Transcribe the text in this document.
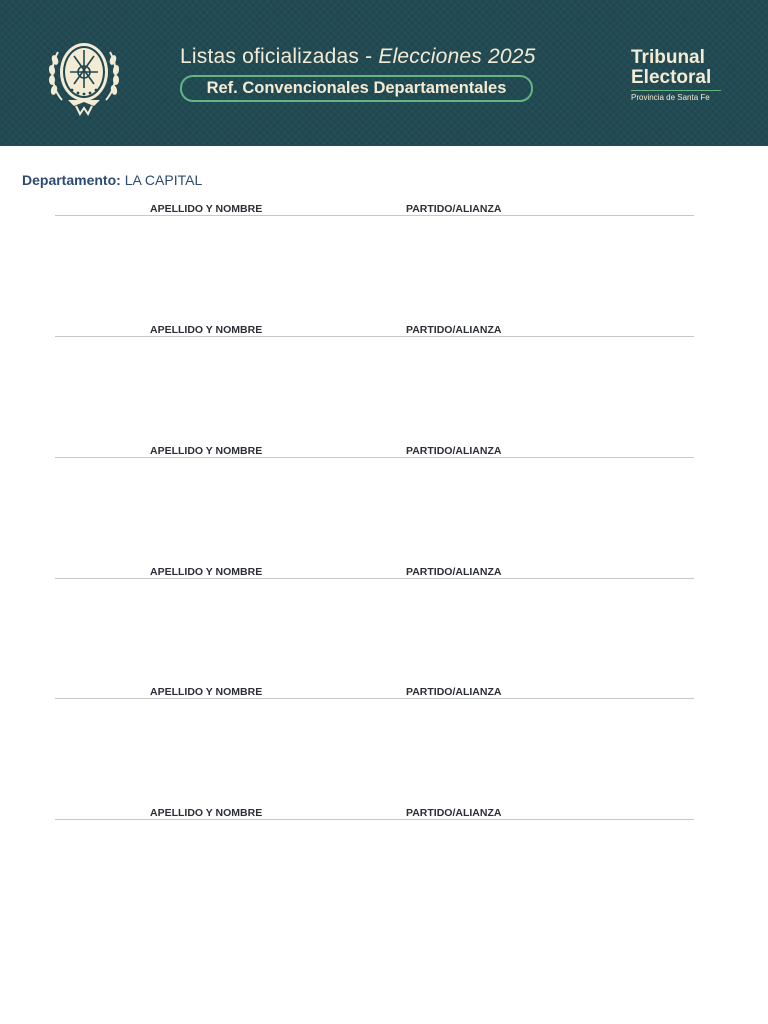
Listas oficializadas - Elecciones 2025
Ref. Convencionales Departamentales
Tribunal
Electoral
Provincia de Santa Fe
Departamento: LA CAPITAL
APELLIDO Y NOMBRE	PARTIDO/ALIANZA
APELLIDO Y NOMBRE	PARTIDO/ALIANZA
APELLIDO Y NOMBRE	PARTIDO/ALIANZA
APELLIDO Y NOMBRE	PARTIDO/ALIANZA
APELLIDO Y NOMBRE	PARTIDO/ALIANZA
APELLIDO Y NOMBRE	PARTIDO/ALIANZA
